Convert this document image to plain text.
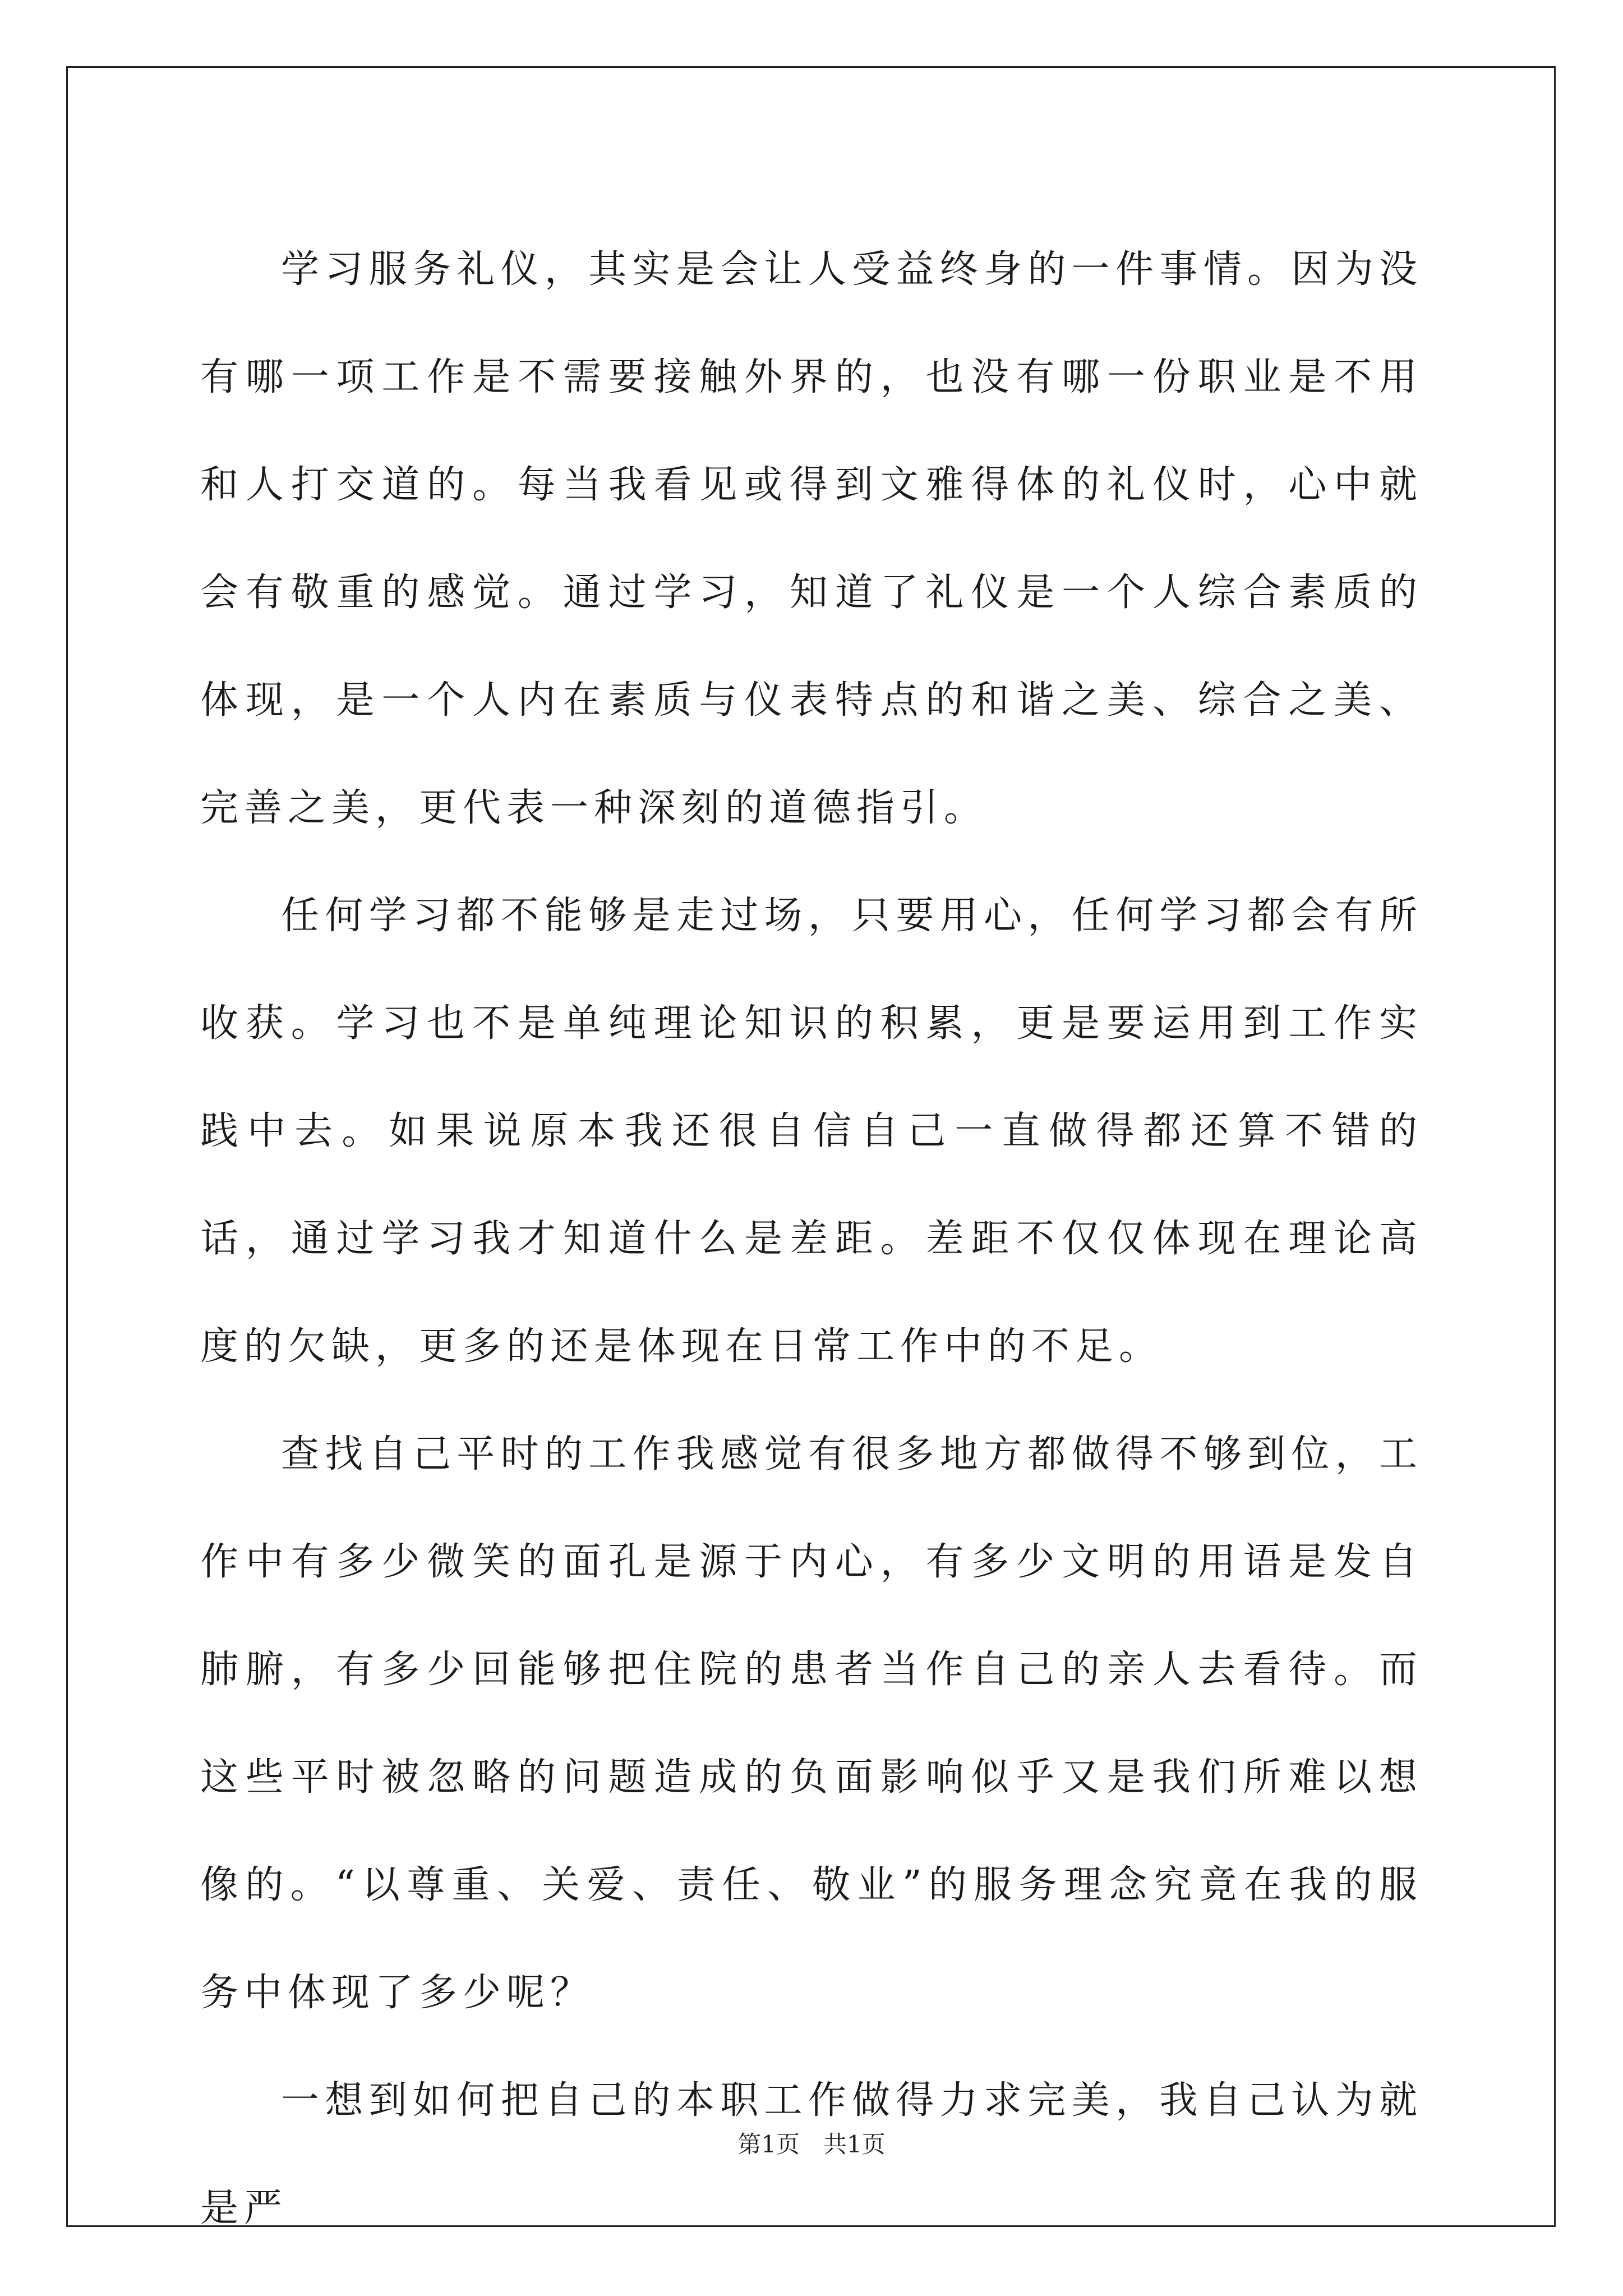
学习服务礼仪，其实是会让人受益终身的一件事情。因为没有哪一项工作是不需要接触外界的，也没有哪一份职业是不用和人打交道的。每当我看见或得到文雅得体的礼仪时，心中就会有敬重的感觉。通过学习，知道了礼仪是一个人综合素质的体现，是一个人内在素质与仪表特点的和谐之美、综合之美、完善之美，更代表一种深刻的道德指引。

任何学习都不能够是走过场，只要用心，任何学习都会有所收获。学习也不是单纯理论知识的积累，更是要运用到工作实践中去。如果说原本我还很自信自己一直做得都还算不错的话，通过学习我才知道什么是差距。差距不仅仅体现在理论高度的欠缺，更多的还是体现在日常工作中的不足。

查找自己平时的工作我感觉有很多地方都做得不够到位，工作中有多少微笑的面孔是源于内心，有多少文明的用语是发自肺腑，有多少回能够把住院的患者当作自己的亲人去看待。而这些平时被忽略的问题造成的负面影响似乎又是我们所难以想像的。“以尊重、关爱、责任、敬业”的服务理念究竟在我的服务中体现了多少呢？

一想到如何把自己的本职工作做得力求完美，我自己认为就是严

第1页 共1页
